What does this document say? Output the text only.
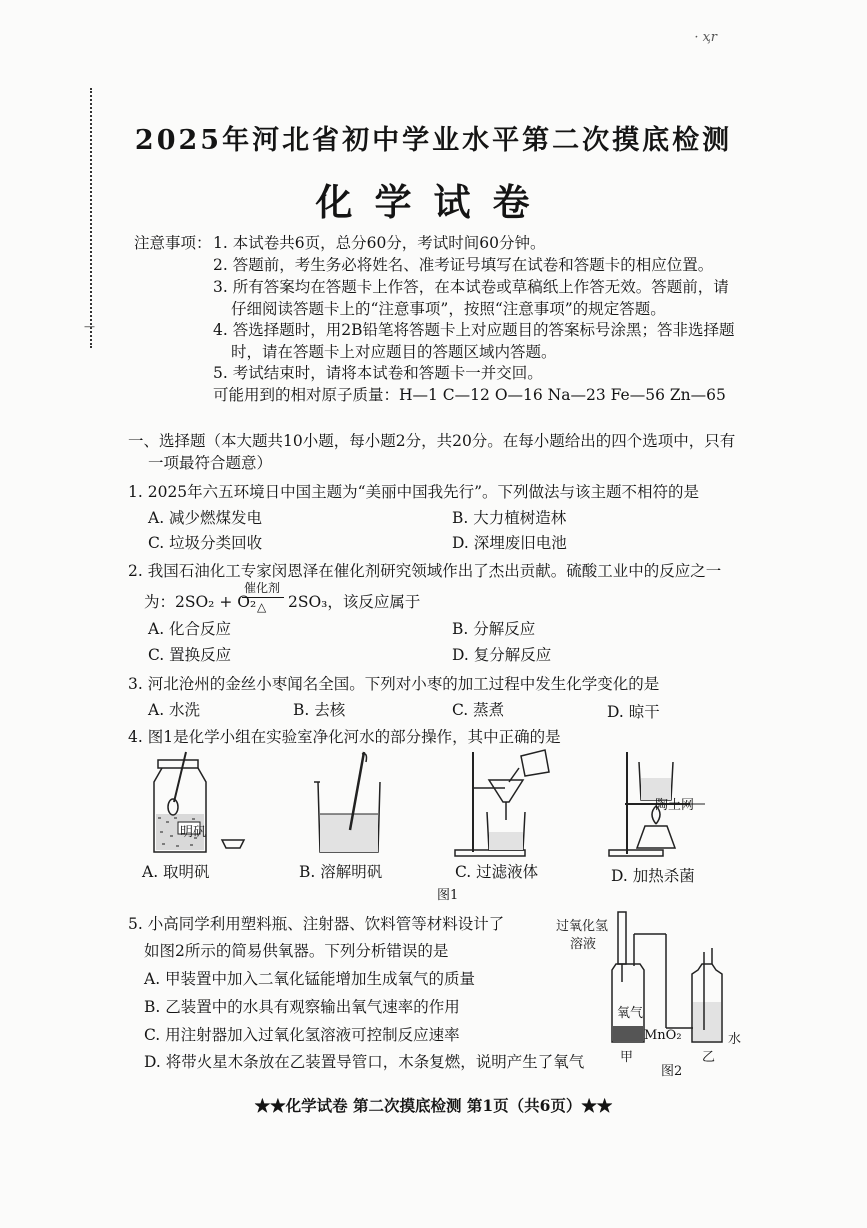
· ҳr
—
2025年河北省初中学业水平第二次摸底检测
化学试卷
注意事项： 1. 本试卷共6页，总分60分，考试时间60分钟。
2. 答题前，考生务必将姓名、准考证号填写在试卷和答题卡的相应位置。
3. 所有答案均在答题卡上作答，在本试卷或草稿纸上作答无效。答题前，请
仔细阅读答题卡上的“注意事项”，按照“注意事项”的规定答题。
4. 答选择题时，用2B铅笔将答题卡上对应题目的答案标号涂黑；答非选择题
时，请在答题卡上对应题目的答题区域内答题。
5. 考试结束时，请将本试卷和答题卡一并交回。
可能用到的相对原子质量：H—1 C—12 O—16 Na—23 Fe—56 Zn—65
一、选择题（本大题共10小题，每小题2分，共20分。在每小题给出的四个选项中，只有
一项最符合题意）
1. 2025年六五环境日中国主题为“美丽中国我先行”。下列做法与该主题不相符的是
A. 减少燃煤发电	B. 大力植树造林
C. 垃圾分类回收	D. 深埋废旧电池
2. 我国石油化工专家闵恩泽在催化剂研究领域作出了杰出贡献。硫酸工业中的反应之一
为：2SO₂ + O₂
催化剂
△ 2SO₃，该反应属于
A. 化合反应	B. 分解反应
C. 置换反应	D. 复分解反应
3. 河北沧州的金丝小枣闻名全国。下列对小枣的加工过程中发生化学变化的是
A. 水洗	B. 去核	C. 蒸煮	D. 晾干
4. 图1是化学小组在实验室净化河水的部分操作，其中正确的是
明矾
陶土网
A. 取明矾	B. 溶解明矾	C. 过滤液体	D. 加热杀菌
图1
5. 小高同学利用塑料瓶、注射器、饮料管等材料设计了
如图2所示的简易供氧器。下列分析错误的是
A. 甲装置中加入二氧化锰能增加生成氧气的质量
B. 乙装置中的水具有观察输出氧气速率的作用
C. 用注射器加入过氧化氢溶液可控制反应速率
D. 将带火星木条放在乙装置导管口，木条复燃，说明产生了氧气
过氧化氢
溶液
氧气
MnO₂	水
甲	乙
图2
★★化学试卷 第二次摸底检测 第1页（共6页）★★
